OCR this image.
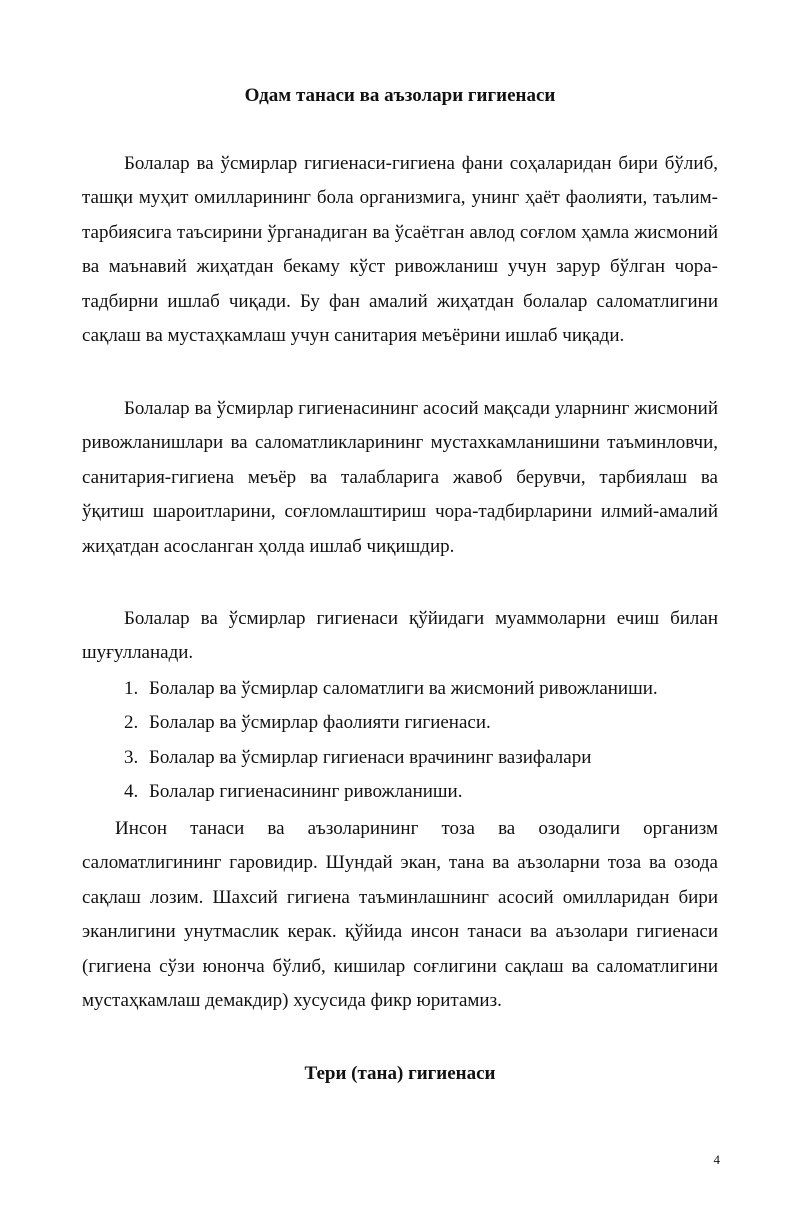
Одам танаси ва аъзолари гигиенаси

Болалар ва ўсмирлар гигиенаси-гигиена фани соҳаларидан бири бўлиб, ташқи муҳит омилларининг бола организмига, унинг ҳаёт фаолияти, таълим-тарбиясига таъсирини ўрганадиган ва ўсаётган авлод соғлом ҳамла жисмоний ва маънавий жиҳатдан бекаму кўст ривожланиш учун зарур бўлган чора-тадбирни ишлаб чиқади. Бу фан амалий жиҳатдан болалар саломатлигини сақлаш ва мустаҳкамлаш учун санитария меъёрини ишлаб чиқади.

Болалар ва ўсмирлар гигиенасининг асосий мақсади уларнинг жисмоний ривожланишлари ва саломатликларининг мустахкамланишини таъминловчи, санитария-гигиена меъёр ва талабларига жавоб берувчи, тарбиялаш ва ўқитиш шароитларини, соғломлаштириш чора-тадбирларини илмий-амалий жиҳатдан асосланган ҳолда ишлаб чиқишдир.

Болалар ва ўсмирлар гигиенаси қўйидаги муаммоларни ечиш билан шуғулланади.

1. Болалар ва ўсмирлар саломатлиги ва жисмоний ривожланиши.
2. Болалар ва ўсмирлар фаолияти гигиенаси.
3. Болалар ва ўсмирлар гигиенаси врачининг вазифалари
4. Болалар гигиенасининг ривожланиши.

Инсон танаси ва аъзоларининг тоза ва озодалиги организм саломатлигининг гаровидир. Шундай экан, тана ва аъзоларни тоза ва озода сақлаш лозим. Шахсий гигиена таъминлашнинг асосий омилларидан бири эканлигини унутмаслик керак. қўйида инсон танаси ва аъзолари гигиенаси (гигиена сўзи юнонча бўлиб, кишилар соғлигини сақлаш ва саломатлигини мустаҳкамлаш демакдир) хусусида фикр юритамиз.

Тери (тана) гигиенаси
4
